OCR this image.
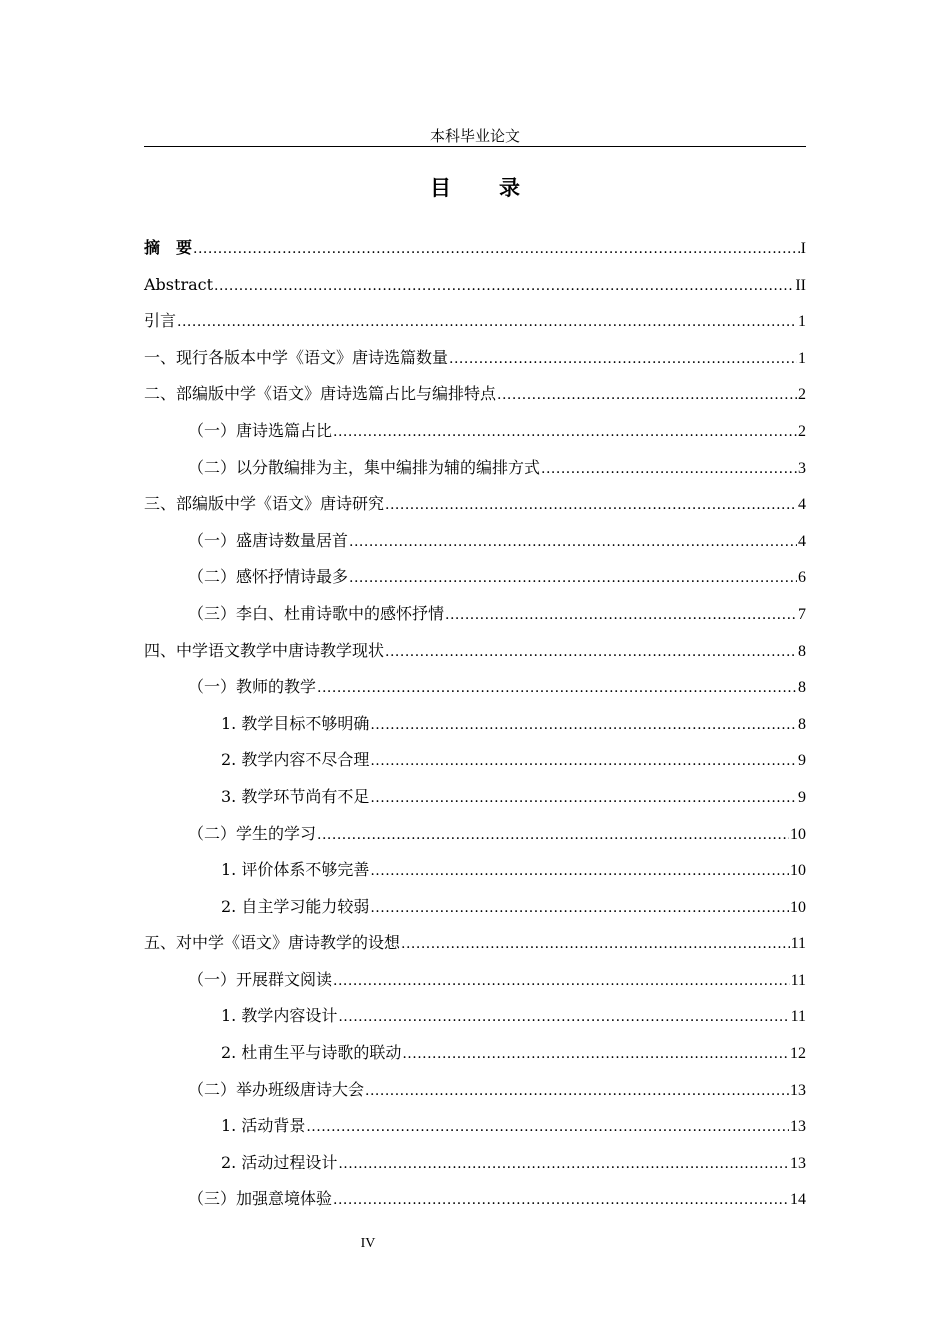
本科毕业论文
目录
摘　要 .....	I
Abstract .....	II
引言 .....	1
一、现行各版本中学《语文》唐诗选篇数量 .....	1
二、部编版中学《语文》唐诗选篇占比与编排特点 .....	2
（一）唐诗选篇占比 .....	2
（二）以分散编排为主，集中编排为辅的编排方式 .....	3
三、部编版中学《语文》唐诗研究 .....	4
（一）盛唐诗数量居首 .....	4
（二）感怀抒情诗最多 .....	6
（三）李白、杜甫诗歌中的感怀抒情 .....	7
四、中学语文教学中唐诗教学现状 .....	8
（一）教师的教学 .....	8
1. 教学目标不够明确 .....	8
2. 教学内容不尽合理 .....	9
3. 教学环节尚有不足 .....	9
（二）学生的学习 .....	10
1. 评价体系不够完善 .....	10
2. 自主学习能力较弱 .....	10
五、对中学《语文》唐诗教学的设想 .....	11
（一）开展群文阅读 .....	11
1. 教学内容设计 .....	11
2. 杜甫生平与诗歌的联动 .....	12
（二）举办班级唐诗大会 .....	13
1. 活动背景 .....	13
2. 活动过程设计 .....	13
（三）加强意境体验 .....	14
IV
